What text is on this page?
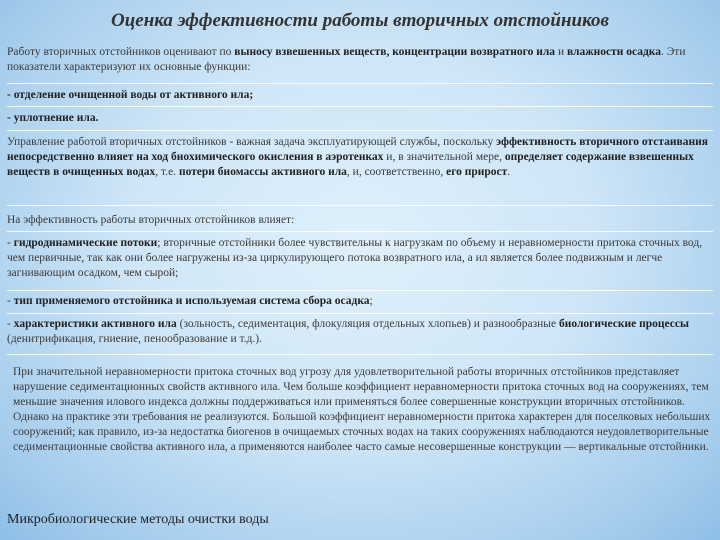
Оценка эффективности работы вторичных отстойников
Работу вторичных отстойников оценивают по выносу взвешенных веществ, концентрации возвратного ила и влажности осадка. Эти показатели характеризуют их основные функции:
- отделение очищенной воды от активного ила;
- уплотнение ила.
Управление работой вторичных отстойников - важная задача эксплуатирующей службы, поскольку эффективность вторичного отстаивания непосредственно влияет на ход биохимического окисления в аэротенках и, в значительной мере, определяет содержание взвешенных веществ в очищенных водах, т.е. потери биомассы активного ила, и, соответственно, его прирост.
На эффективность работы вторичных отстойников влияет:
- гидродинамические потоки; вторичные отстойники более чувствительны к нагрузкам по объему и неравномерности притока сточных вод, чем первичные, так как они более нагружены из-за циркулирующего потока возвратного ила, а ил является более подвижным и легче загнивающим осадком, чем сырой;
- тип применяемого отстойника и используемая система сбора осадка;
- характеристики активного ила (зольность, седиментация, флокуляция отдельных хлопьев) и разнообразные биологические процессы (денитрификация, гниение, пенообразование и т.д.).
При значительной неравномерности притока сточных вод угрозу для удовлетворительной работы вторичных отстойников представляет нарушение седиментационных свойств активного ила. Чем больше коэффициент неравномерности притока сточных вод на сооружениях, тем меньшие значения илового индекса должны поддерживаться или применяться более совершенные конструкции вторичных отстойников. Однако на практике эти требования не реализуются. Большой коэффициент неравномерности притока характерен для поселковых небольших сооружений; как правило, из-за недостатка биогенов в очищаемых сточных водах на таких сооружениях наблюдаются неудовлетворительные седиментационные свойства активного ила, а применяются наиболее часто самые несовершенные конструкции — вертикальные отстойники.
Микробиологические методы очистки воды
